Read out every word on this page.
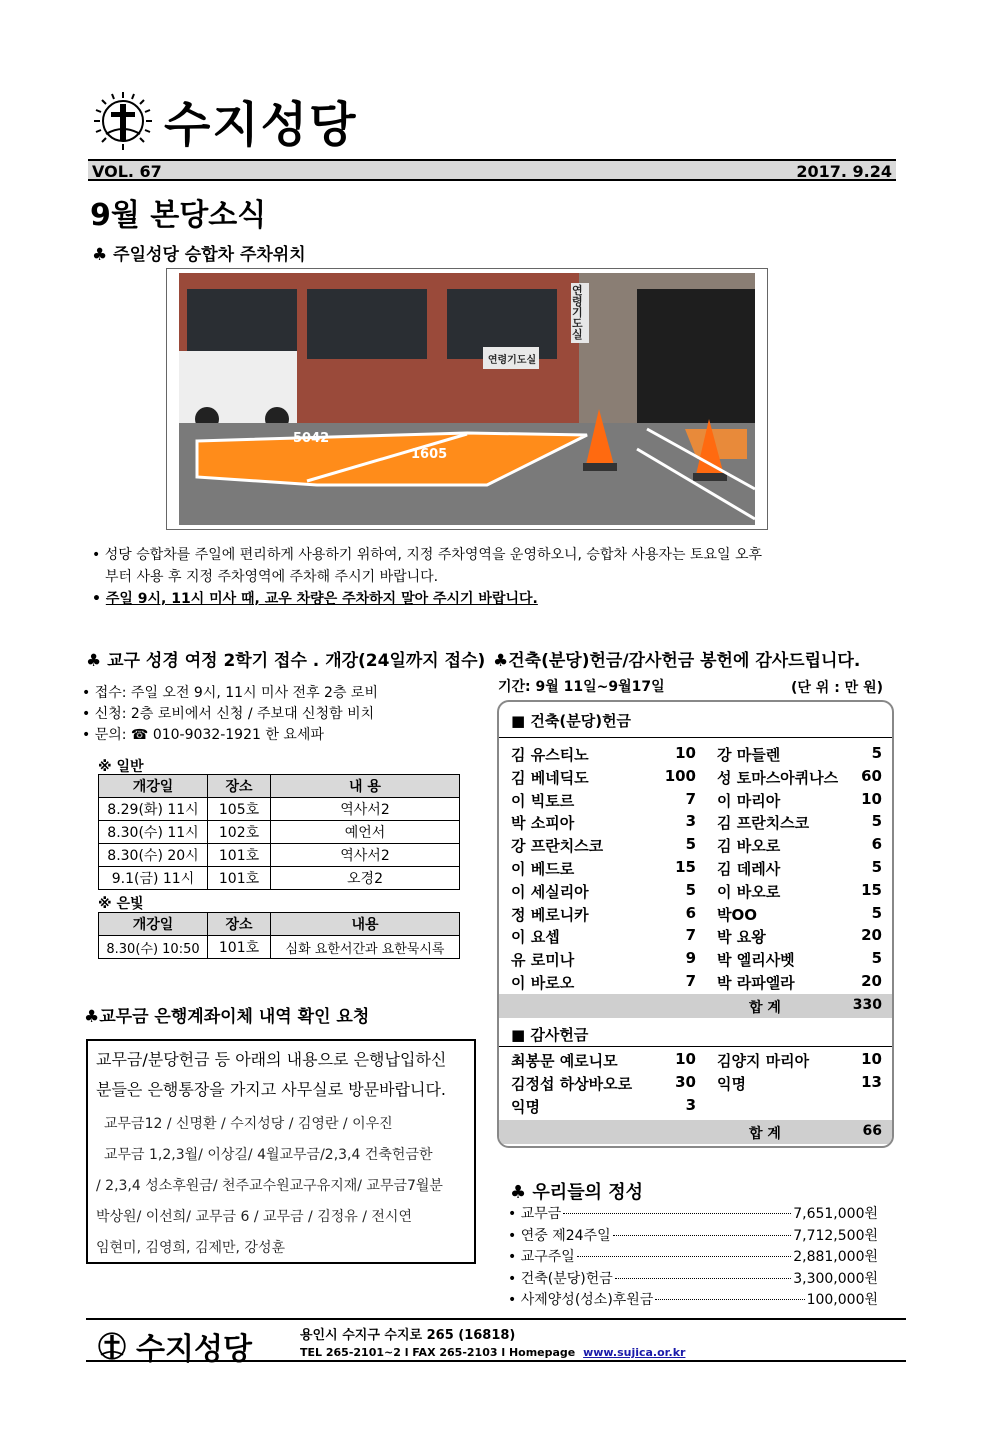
수지성당
VOL. 67	2017. 9.24
9월 본당소식
♣ 주일성당 승합차 주차위치
연령기도실
연령기도실
5042
1605
• 성당 승합차를 주일에 편리하게 사용하기 위하여, 지정 주차영역을 운영하오니, 승합차 사용자는 토요일 오후
부터 사용 후 지정 주차영역에 주차해 주시기 바랍니다.
• 주일 9시, 11시 미사 때, 교우 차량은 주차하지 말아 주시기 바랍니다.
♣ 교구 성경 여정 2학기 접수 . 개강(24일까지 접수)
• 접수: 주일 오전 9시, 11시 미사 전후 2층 로비
• 신청: 2층 로비에서 신청 / 주보대 신청함 비치
• 문의: ☎ 010-9032-1921 한 요세파
※ 일반
개강일	장소	내 용
8.29(화) 11시	105호	역사서2
8.30(수) 11시	102호	예언서
8.30(수) 20시	101호	역사서2
9.1(금) 11시	101호	오경2
※ 은빛
개강일	장소	내용
8.30(수) 10:50	101호	심화 요한서간과 요한묵시록
♣교무금 은행계좌이체 내역 확인 요청
교무금/분당헌금 등 아래의 내용으로 은행납입하신
분들은 은행통장을 가지고 사무실로 방문바랍니다.
교무금12 / 신명환 / 수지성당 / 김영란 / 이우진
교무금 1,2,3월/ 이상길/ 4월교무금/2,3,4 건축헌금한
/ 2,3,4 성소후원금/ 천주교수원교구유지재/ 교무금7월분
박상원/ 이선희/ 교무금 6 / 교무금 / 김정유 / 전시연
임현미, 김영희, 김제만, 강성훈
♣건축(분당)헌금/감사헌금 봉헌에 감사드립니다.
기간: 9월 11일~9월17일	(단 위 : 만 원)
■ 건축(분당)헌금
김 유스티노	10 강 마들렌	5
김 베네딕도	100 성 토마스아퀴나스 60
이 빅토르	7 이 마리아	10
박 소피아	3 김 프란치스코	5
강 프란치스코	5 김 바오로	6
이 베드로	15 김 데레사	5
이 세실리아	5 이 바오로	15
정 베로니카	6 박OO	5
이 요셉	7 박 요왕	20
유 로미나	9 박 엘리사벳	5
이 바로오	7 박 라파엘라	20
합 계	330
■ 감사헌금
최봉문 예로니모	10 김양지 마리아	10
김정섭 하상바오로	30 익명	13
익명	3
합 계	66
♣ 우리들의 정성
• 교무금	7,651,000원
• 연중 제24주일	7,712,500원
• 교구주일	2,881,000원
• 건축(분당)헌금	3,300,000원
• 사제양성(성소)후원금	100,000원
수지성당	용인시 수지구 수지로 265 (16818)
TEL 265-2101~2 l FAX 265-2103 l Homepage www.sujica.or.kr
